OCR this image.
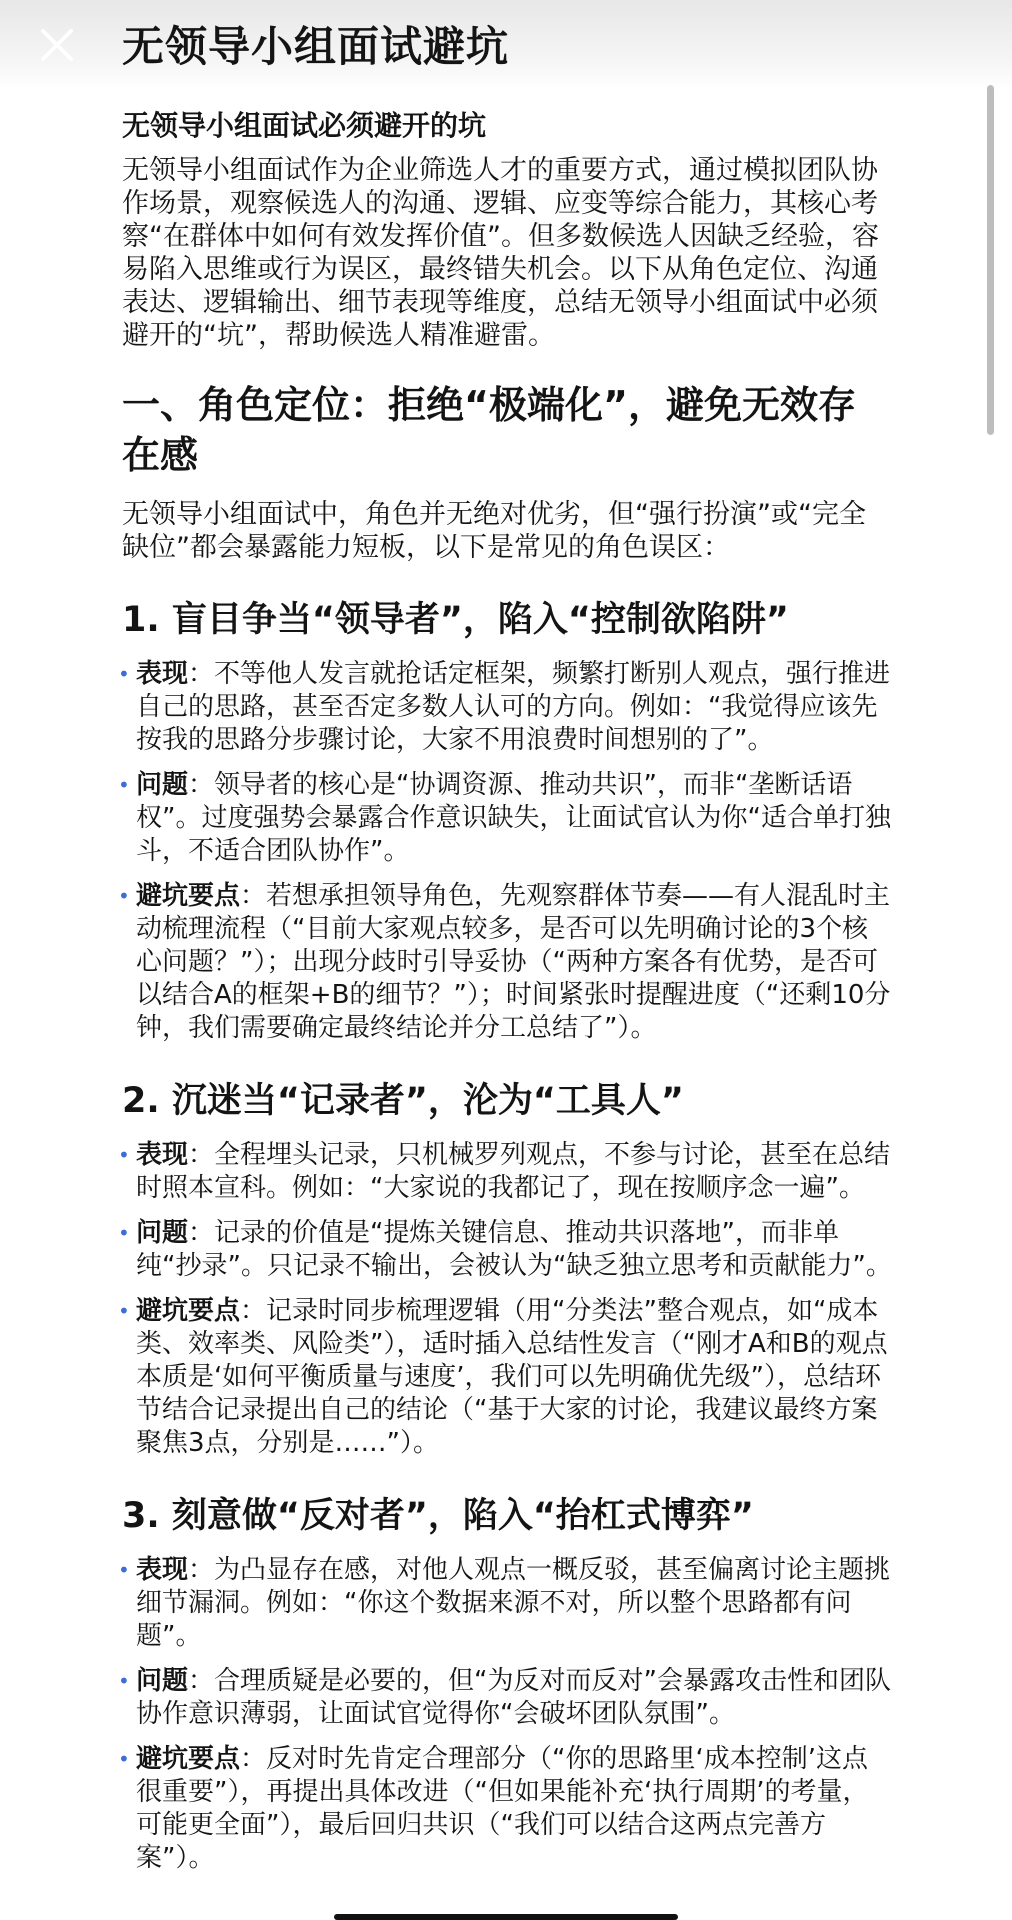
无领导小组面试避坑
无领导小组面试必须避开的坑

无领导小组面试作为企业筛选人才的重要方式，通过模拟团队协作场景，观察候选人的沟通、逻辑、应变等综合能力，其核心考察“在群体中如何有效发挥价值”。但多数候选人因缺乏经验，容易陷入思维或行为误区，最终错失机会。以下从角色定位、沟通表达、逻辑输出、细节表现等维度，总结无领导小组面试中必须避开的“坑”，帮助候选人精准避雷。

一、角色定位：拒绝“极端化”，避免无效存在感

无领导小组面试中，角色并无绝对优劣，但“强行扮演”或“完全缺位”都会暴露能力短板，以下是常见的角色误区：

1. 盲目争当“领导者”，陷入“控制欲陷阱”
• 表现：不等他人发言就抢话定框架，频繁打断别人观点，强行推进自己的思路，甚至否定多数人认可的方向。例如：“我觉得应该先按我的思路分步骤讨论，大家不用浪费时间想别的了”。
• 问题：领导者的核心是“协调资源、推动共识”，而非“垄断话语权”。过度强势会暴露合作意识缺失，让面试官认为你“适合单打独斗，不适合团队协作”。
• 避坑要点：若想承担领导角色，先观察群体节奏——有人混乱时主动梳理流程（“目前大家观点较多，是否可以先明确讨论的3个核心问题？”）；出现分歧时引导妥协（“两种方案各有优势，是否可以结合A的框架+B的细节？”）；时间紧张时提醒进度（“还剩10分钟，我们需要确定最终结论并分工总结了”）。
2. 沉迷当“记录者”，沦为“工具人”
• 表现：全程埋头记录，只机械罗列观点，不参与讨论，甚至在总结时照本宣科。例如：“大家说的我都记了，现在按顺序念一遍”。
• 问题：记录的价值是“提炼关键信息、推动共识落地”，而非单纯“抄录”。只记录不输出，会被认为“缺乏独立思考和贡献能力”。
• 避坑要点：记录时同步梳理逻辑（用“分类法”整合观点，如“成本类、效率类、风险类”），适时插入总结性发言（“刚才A和B的观点本质是‘如何平衡质量与速度’，我们可以先明确优先级”），总结环节结合记录提出自己的结论（“基于大家的讨论，我建议最终方案聚焦3点，分别是……”）。
3. 刻意做“反对者”，陷入“抬杠式博弈”
• 表现：为凸显存在感，对他人观点一概反驳，甚至偏离讨论主题挑细节漏洞。例如：“你这个数据来源不对，所以整个思路都有问题”。
• 问题：合理质疑是必要的，但“为反对而反对”会暴露攻击性和团队协作意识薄弱，让面试官觉得你“会破坏团队氛围”。
• 避坑要点：反对时先肯定合理部分（“你的思路里‘成本控制’这点很重要”），再提出具体改进（“但如果能补充‘执行周期’的考量，可能更全面”），最后回归共识（“我们可以结合这两点完善方案”）。
